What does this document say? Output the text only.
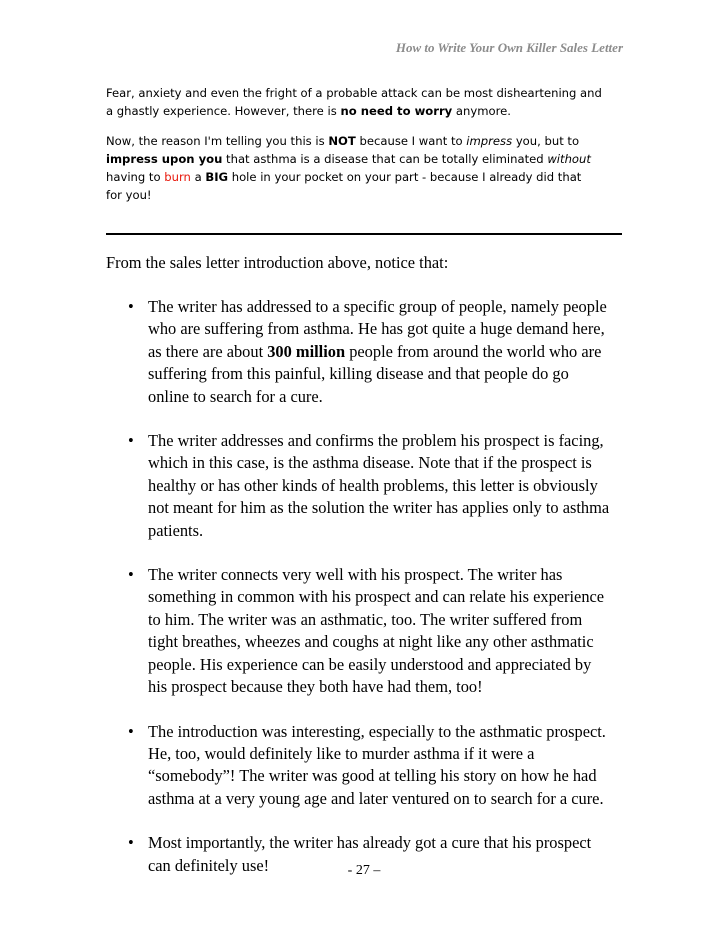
How to Write Your Own Killer Sales Letter

Fear, anxiety and even the fright of a probable attack can be most disheartening and
a ghastly experience. However, there is no need to worry anymore.

Now, the reason I'm telling you this is NOT because I want to impress you, but to
impress upon you that asthma is a disease that can be totally eliminated without
having to burn a BIG hole in your pocket on your part - because I already did that
for you!

From the sales letter introduction above, notice that:
• The writer has addressed to a specific group of people, namely people
who are suffering from asthma. He has got quite a huge demand here,
as there are about 300 million people from around the world who are
suffering from this painful, killing disease and that people do go
online to search for a cure.
• The writer addresses and confirms the problem his prospect is facing,
which in this case, is the asthma disease. Note that if the prospect is
healthy or has other kinds of health problems, this letter is obviously
not meant for him as the solution the writer has applies only to asthma
patients.
• The writer connects very well with his prospect. The writer has
something in common with his prospect and can relate his experience
to him. The writer was an asthmatic, too. The writer suffered from
tight breathes, wheezes and coughs at night like any other asthmatic
people. His experience can be easily understood and appreciated by
his prospect because they both have had them, too!
• The introduction was interesting, especially to the asthmatic prospect.
He, too, would definitely like to murder asthma if it were a
“somebody”! The writer was good at telling his story on how he had
asthma at a very young age and later ventured on to search for a cure.
• Most importantly, the writer has already got a cure that his prospect
can definitely use!	- 27 –
